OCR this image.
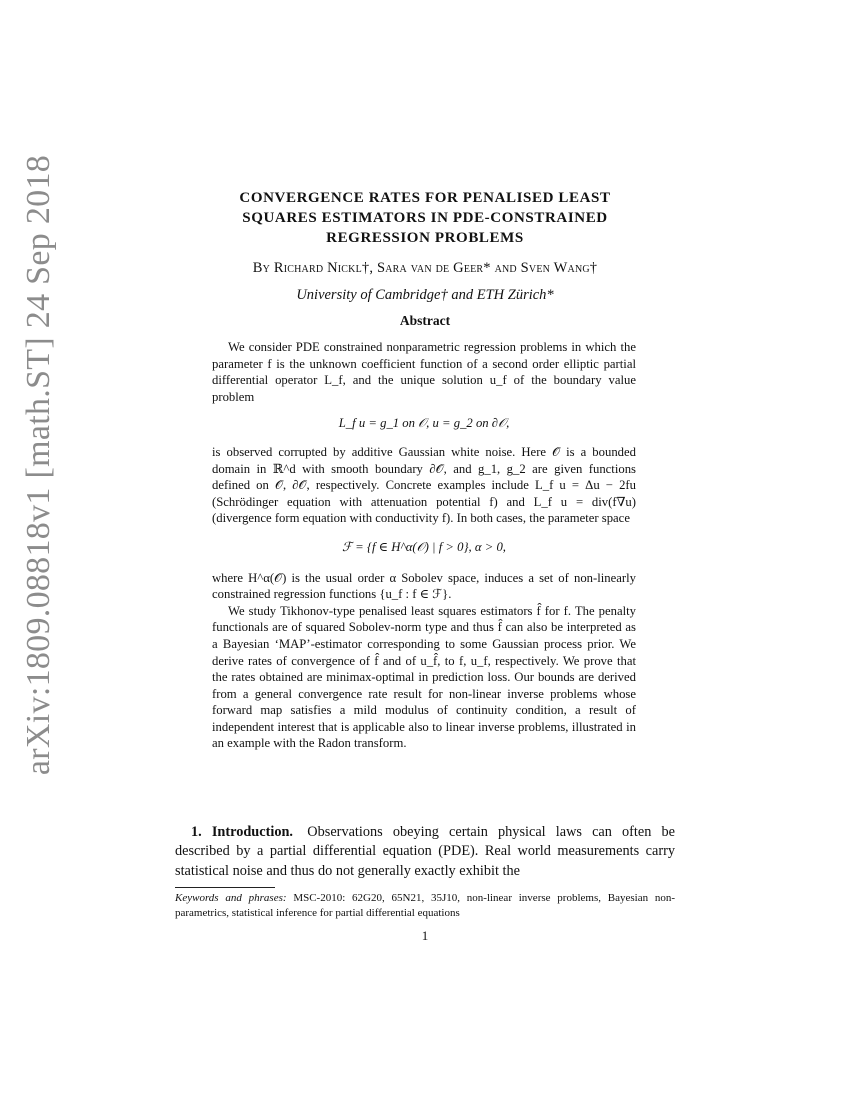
arXiv:1809.08818v1 [math.ST] 24 Sep 2018	CONVERGENCE RATES FOR PENALISED LEAST
SQUARES ESTIMATORS IN PDE-CONSTRAINED
REGRESSION PROBLEMS
By Richard Nickl†, Sara van de Geer* and Sven Wang†
University of Cambridge† and ETH Zürich*
Abstract

We consider PDE constrained nonparametric regression problems in which the parameter f is the unknown coefficient function of a second order elliptic partial differential operator L_f, and the unique solution u_f of the boundary value problem

L_f u = g_1 on 𝒪, u = g_2 on ∂𝒪,

is observed corrupted by additive Gaussian white noise. Here 𝒪 is a bounded domain in ℝ^d with smooth boundary ∂𝒪, and g_1, g_2 are given functions defined on 𝒪, ∂𝒪, respectively. Concrete examples include L_f u = Δu − 2fu (Schrödinger equation with attenuation potential f) and L_f u = div(f∇u) (divergence form equation with conductivity f). In both cases, the parameter space

ℱ = {f ∈ H^α(𝒪) | f > 0}, α > 0,

where H^α(𝒪) is the usual order α Sobolev space, induces a set of non-linearly constrained regression functions {u_f : f ∈ ℱ}.

We study Tikhonov-type penalised least squares estimators f̂ for f. The penalty functionals are of squared Sobolev-norm type and thus f̂ can also be interpreted as a Bayesian ‘MAP’-estimator corresponding to some Gaussian process prior. We derive rates of convergence of f̂ and of u_f̂, to f, u_f, respectively. We prove that the rates obtained are minimax-optimal in prediction loss. Our bounds are derived from a general convergence rate result for non-linear inverse problems whose forward map satisfies a mild modulus of continuity condition, a result of independent interest that is applicable also to linear inverse problems, illustrated in an example with the Radon transform.

1. Introduction.  Observations obeying certain physical laws can often be described by a partial differential equation (PDE). Real world measurements carry statistical noise and thus do not generally exactly exhibit the

Keywords and phrases: MSC-2010: 62G20, 65N21, 35J10, non-linear inverse problems, Bayesian non-parametrics, statistical inference for partial differential equations

1
